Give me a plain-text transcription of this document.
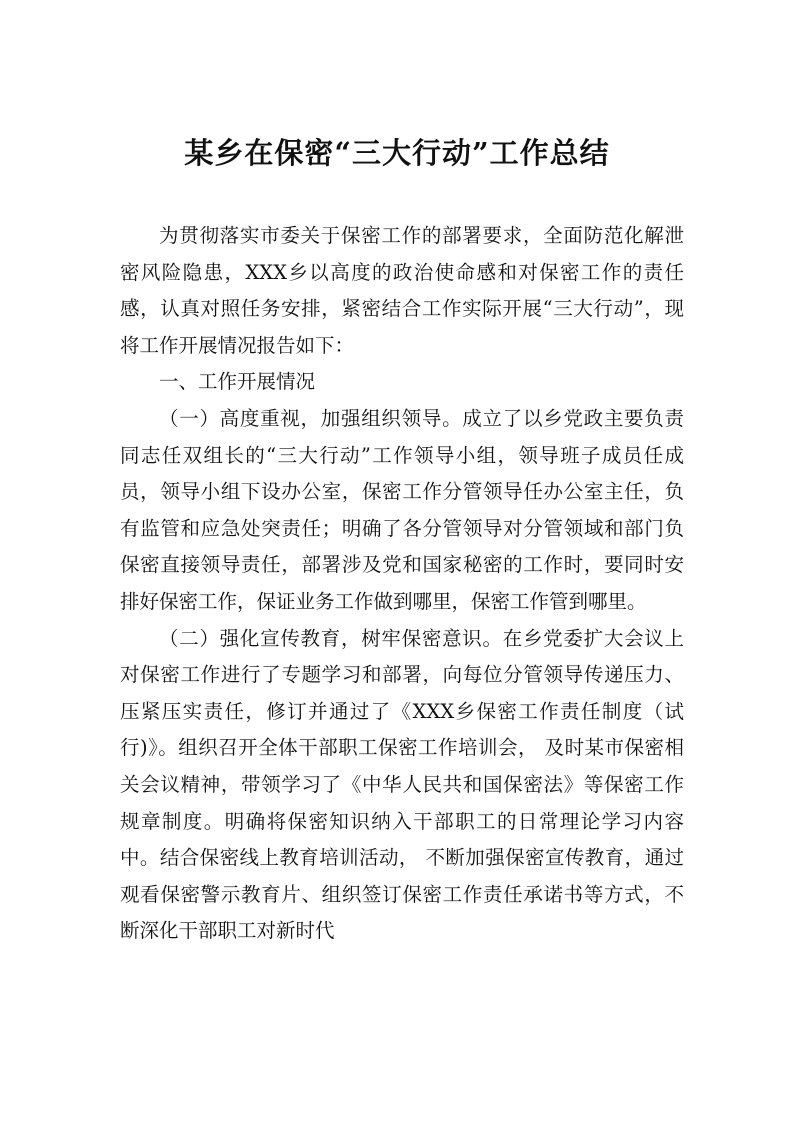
某乡在保密“三大行动”工作总结

为贯彻落实市委关于保密工作的部署要求，全面防范化解泄密风险隐患，XXX乡以高度的政治使命感和对保密工作的责任感，认真对照任务安排，紧密结合工作实际开展“三大行动”，现将工作开展情况报告如下：

一、工作开展情况

（一）高度重视，加强组织领导。成立了以乡党政主要负责同志任双组长的“三大行动”工作领导小组，领导班子成员任成员，领导小组下设办公室，保密工作分管领导任办公室主任，负有监管和应急处突责任；明确了各分管领导对分管领域和部门负保密直接领导责任，部署涉及党和国家秘密的工作时，要同时安排好保密工作，保证业务工作做到哪里，保密工作管到哪里。

（二）强化宣传教育，树牢保密意识。在乡党委扩大会议上对保密工作进行了专题学习和部署，向每位分管领导传递压力、压紧压实责任，修订并通过了《XXX乡保密工作责任制度（试行)》。组织召开全体干部职工保密工作培训会， 及时某市保密相关会议精神，带领学习了《中华人民共和国保密法》等保密工作规章制度。明确将保密知识纳入干部职工的日常理论学习内容中。结合保密线上教育培训活动， 不断加强保密宣传教育，通过观看保密警示教育片、组织签订保密工作责任承诺书等方式，不断深化干部职工对新时代
